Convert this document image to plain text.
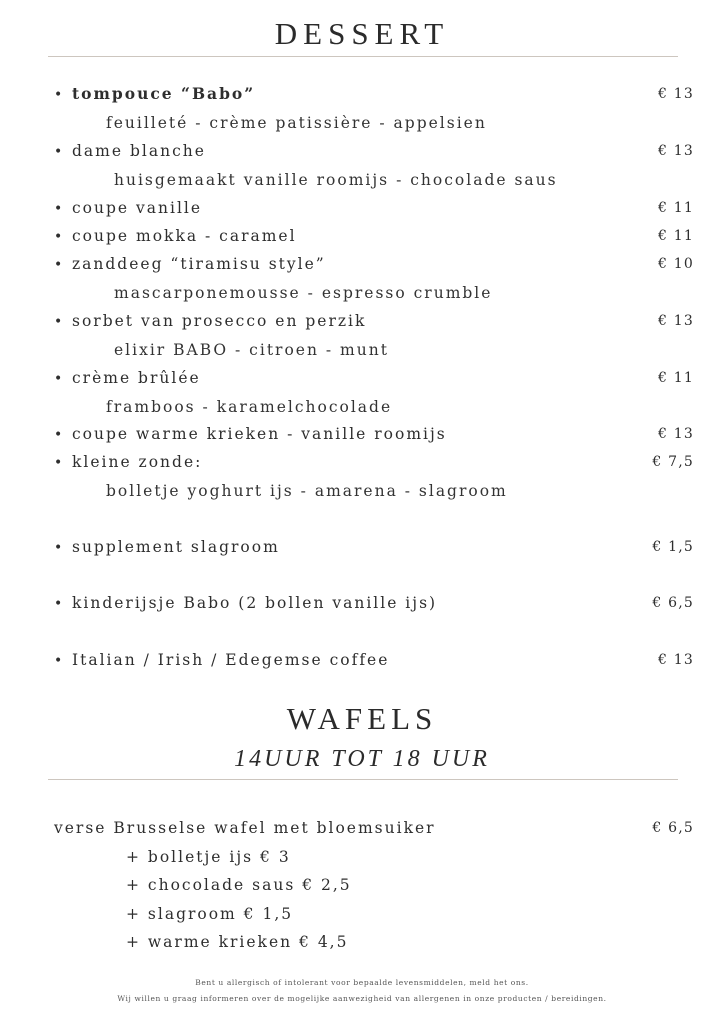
DESSERT
• tompouce “Babo”	€ 13
feuilleté - crème patissière - appelsien
• dame blanche	€ 13
huisgemaakt vanille roomijs - chocolade saus
• coupe vanille	€ 11
• coupe mokka - caramel	€ 11
• zanddeeg “tiramisu style”	€ 10
mascarponemousse - espresso crumble
• sorbet van prosecco en perzik	€ 13
elixir BABO - citroen - munt
• crème brûlée	€ 11
framboos - karamelchocolade
• coupe warme krieken - vanille roomijs	€ 13
• kleine zonde:	€ 7,5
bolletje yoghurt ijs - amarena - slagroom
• supplement slagroom	€ 1,5
• kinderijsje Babo (2 bollen vanille ijs)	€ 6,5
• Italian / Irish / Edegemse coffee	€ 13
WAFELS
14UUR TOT 18 UUR
verse Brusselse wafel met bloemsuiker	€ 6,5
+ bolletje ijs € 3
+ chocolade saus € 2,5
+ slagroom € 1,5
+ warme krieken € 4,5
Bent u allergisch of intolerant voor bepaalde levensmiddelen, meld het ons.
Wij willen u graag informeren over de mogelijke aanwezigheid van allergenen in onze producten / bereidingen.
